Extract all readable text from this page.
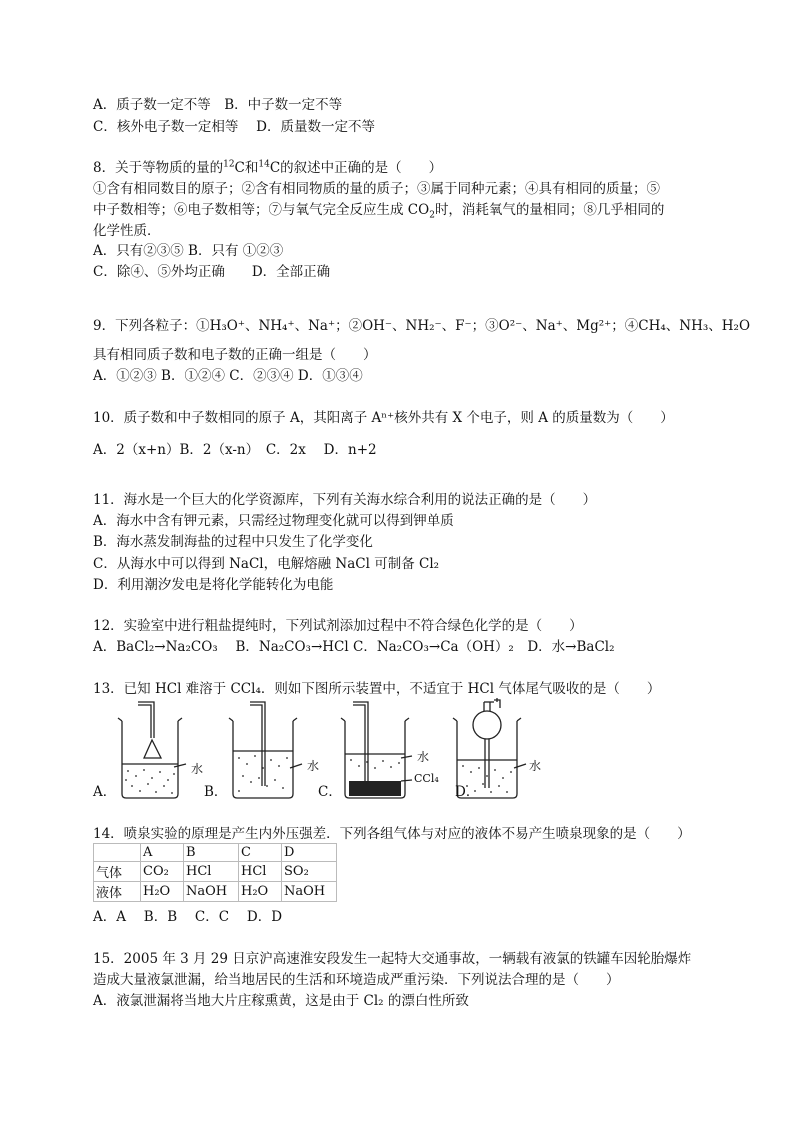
A．质子数一定不等　B．中子数一定不等
C．核外电子数一定相等　 D．质量数一定不等
8．关于等物质的量的$^{12}$C和$^{14}$C的叙述中正确的是（　　）
①含有相同数目的原子；②含有相同物质的量的质子；③属于同种元素；④具有相同的质量；⑤
中子数相等；⑥电子数相等；⑦与氧气完全反应生成 $CO_2$时，消耗氧气的量相同；⑧几乎相同的
化学性质．
A．只有②③⑤ B．只有 ①②③
C．除④、⑤外均正确　　D．全部正确
9．下列各粒子：①H₃O⁺、NH₄⁺、Na⁺；②OH⁻、NH₂⁻、F⁻；③O²⁻、Na⁺、Mg²⁺；④CH₄、NH₃、H₂O
具有相同质子数和电子数的正确一组是（　　）
A．①②③ B．①②④ C．②③④ D．①③④
10．质子数和中子数相同的原子 A，其阳离子 Aⁿ⁺核外共有 X 个电子，则 A 的质量数为（　　）
A．2（x+n）B．2（x-n）　C．2x　 D．n+2
11．海水是一个巨大的化学资源库，下列有关海水综合利用的说法正确的是（　　）
A．海水中含有钾元素，只需经过物理变化就可以得到钾单质
B．海水蒸发制海盐的过程中只发生了化学变化
C．从海水中可以得到 NaCl，电解熔融 NaCl 可制备 Cl₂
D．利用潮汐发电是将化学能转化为电能
12．实验室中进行粗盐提纯时，下列试剂添加过程中不符合绿色化学的是（　　）
A．BaCl₂→Na₂CO₃　 B．Na₂CO₃→HCl C．Na₂CO₃→Ca（OH）₂　D．水→BaCl₂
13．已知 HCl 难溶于 CCl₄．则如下图所示装置中，不适宜于 HCl 气体尾气吸收的是（　　）
水	水
水
CCl₄
水
A．	B．	C．	D．
14．喷泉实验的原理是产生内外压强差．下列各组气体与对应的液体不易产生喷泉现象的是（　　）
	A	B	C	D
气体	CO₂	HCl	HCl	SO₂
液体	H₂O	NaOH	H₂O	NaOH
A．A　 B．B　 C．C　 D．D
15．2005 年 3 月 29 日京沪高速淮安段发生一起特大交通事故，一辆载有液氯的铁罐车因轮胎爆炸
造成大量液氯泄漏，给当地居民的生活和环境造成严重污染．下列说法合理的是（　　）
A．液氯泄漏将当地大片庄稼熏黄，这是由于 Cl₂ 的漂白性所致
